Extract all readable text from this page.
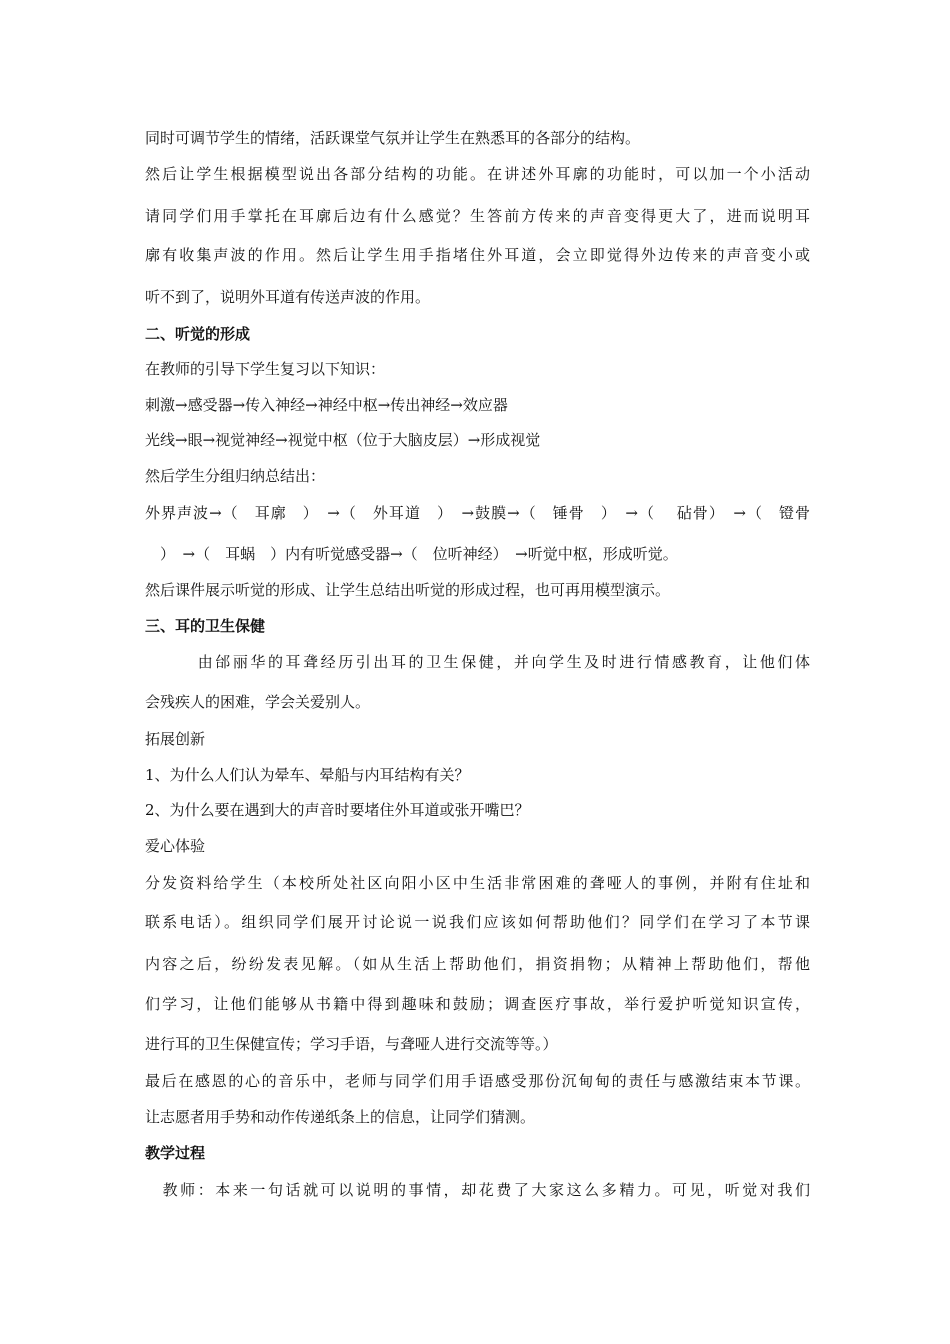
同时可调节学生的情绪，活跃课堂气氛并让学生在熟悉耳的各部分的结构。
然后让学生根据模型说出各部分结构的功能。在讲述外耳廓的功能时，可以加一个小活动
请同学们用手掌托在耳廓后边有什么感觉？生答前方传来的声音变得更大了，进而说明耳
廓有收集声波的作用。然后让学生用手指堵住外耳道，会立即觉得外边传来的声音变小或
听不到了，说明外耳道有传送声波的作用。
二、听觉的形成
在教师的引导下学生复习以下知识：
刺激→感受器→传入神经→神经中枢→传出神经→效应器
光线→眼→视觉神经→视觉中枢（位于大脑皮层）→形成视觉
然后学生分组归纳总结出：
外界声波→（　耳廓　）　→（　外耳道　）　→鼓膜→（　锤骨　）　→（　 砧骨）　→（　镫骨
　）　→（　耳蜗　）内有听觉感受器→（　位听神经）　→听觉中枢，形成听觉。
然后课件展示听觉的形成、让学生总结出听觉的形成过程，也可再用模型演示。
三、耳的卫生保健
　　　由邰丽华的耳聋经历引出耳的卫生保健，并向学生及时进行情感教育，让他们体
会残疾人的困难，学会关爱别人。
拓展创新
1、为什么人们认为晕车、晕船与内耳结构有关？
2、为什么要在遇到大的声音时要堵住外耳道或张开嘴巴？
爱心体验
分发资料给学生（本校所处社区向阳小区中生活非常困难的聋哑人的事例，并附有住址和
联系电话）。组织同学们展开讨论说一说我们应该如何帮助他们？同学们在学习了本节课
内容之后，纷纷发表见解。（如从生活上帮助他们，捐资捐物；从精神上帮助他们，帮他
们学习，让他们能够从书籍中得到趣味和鼓励；调查医疗事故，举行爱护听觉知识宣传，
进行耳的卫生保健宣传；学习手语，与聋哑人进行交流等等。）
最后在感恩的心的音乐中，老师与同学们用手语感受那份沉甸甸的责任与感激结束本节课。
让志愿者用手势和动作传递纸条上的信息，让同学们猜测。
教学过程
　教师：本来一句话就可以说明的事情，却花费了大家这么多精力。可见，听觉对我们
